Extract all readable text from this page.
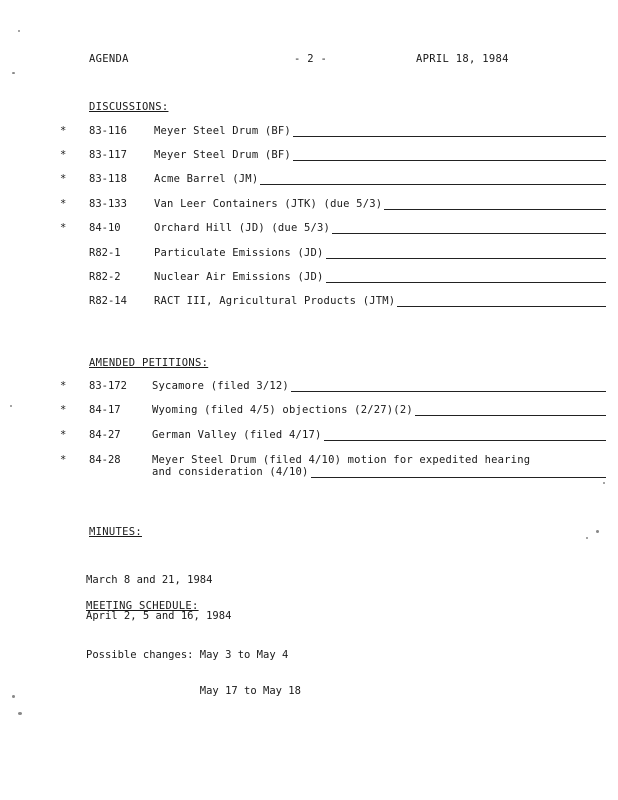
AGENDA	- 2 -	APRIL 18, 1984
DISCUSSIONS:
* 83-116	Meyer Steel Drum (BF)
* 83-117	Meyer Steel Drum (BF)
* 83-118	Acme Barrel (JM)
* 83-133	Van Leer Containers (JTK) (due 5/3)
* 84-10	Orchard Hill (JD) (due 5/3)
R82-1	Particulate Emissions (JD)
R82-2	Nuclear Air Emissions (JD)
R82-14	RACT III, Agricultural Products (JTM)
AMENDED PETITIONS:
* 83-172 Sycamore (filed 3/12)
* 84-17	Wyoming (filed 4/5) objections (2/27)(2)
* 84-27	German Valley (filed 4/17)
* 84-28	Meyer Steel Drum (filed 4/10) motion for expedited hearing
and consideration (4/10)
MINUTES:

March 8 and 21, 1984

April 2, 5 and 16, 1984

MEETING SCHEDULE:

Possible changes: May 3 to May 4

May 17 to May 18
